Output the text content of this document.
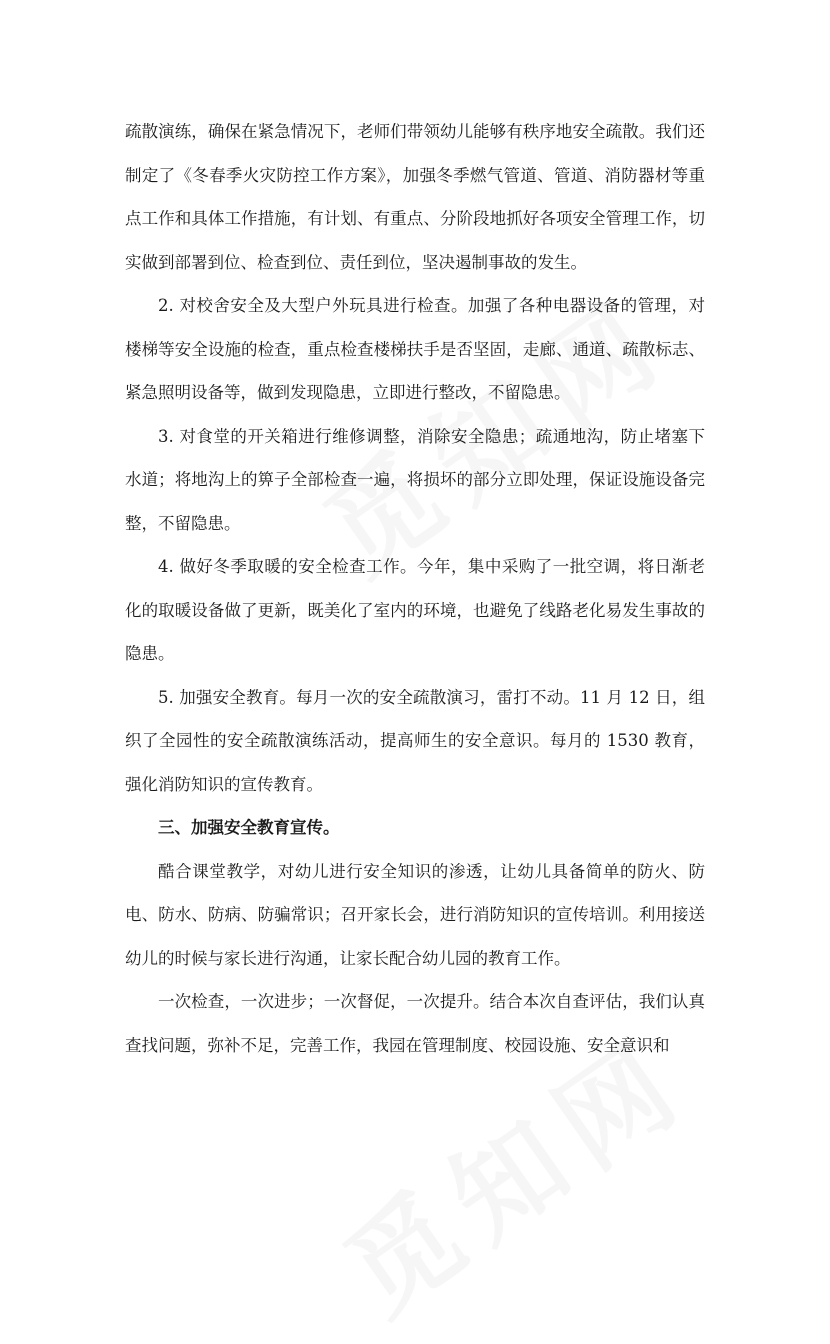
疏散演练，确保在紧急情况下，老师们带领幼儿能够有秩序地安全疏散。我们还制定了《冬春季火灾防控工作方案》，加强冬季燃气管道、管道、消防器材等重点工作和具体工作措施，有计划、有重点、分阶段地抓好各项安全管理工作，切实做到部署到位、检查到位、责任到位，坚决遏制事故的发生。

2. 对校舍安全及大型户外玩具进行检查。加强了各种电器设备的管理，对楼梯等安全设施的检查，重点检查楼梯扶手是否坚固，走廊、通道、疏散标志、紧急照明设备等，做到发现隐患，立即进行整改，不留隐患。

3. 对食堂的开关箱进行维修调整，消除安全隐患；疏通地沟，防止堵塞下水道；将地沟上的箅子全部检查一遍，将损坏的部分立即处理，保证设施设备完整，不留隐患。

4. 做好冬季取暖的安全检查工作。今年，集中采购了一批空调，将日渐老化的取暖设备做了更新，既美化了室内的环境，也避免了线路老化易发生事故的隐患。

5. 加强安全教育。每月一次的安全疏散演习，雷打不动。11 月 12 日，组织了全园性的安全疏散演练活动，提高师生的安全意识。每月的 1530 教育，强化消防知识的宣传教育。

三、加强安全教育宣传。

酷合课堂教学，对幼儿进行安全知识的渗透，让幼儿具备简单的防火、防电、防水、防病、防骗常识；召开家长会，进行消防知识的宣传培训。利用接送幼儿的时候与家长进行沟通，让家长配合幼儿园的教育工作。

一次检查，一次进步；一次督促，一次提升。结合本次自查评估，我们认真查找问题，弥补不足，完善工作，我园在管理制度、校园设施、安全意识和
